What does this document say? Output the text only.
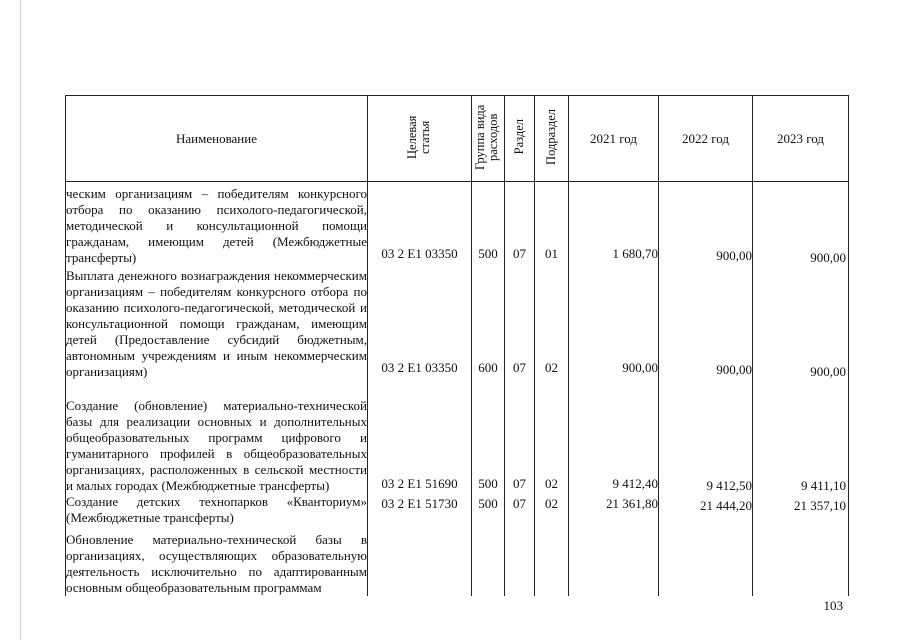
Наименование	Целевая статья	Группа вида расходов	Раздел	Подраздел	2021 год	2022 год	2023 год
ческим организациям – победителям конкурсного отбора по оказанию психолого-педагогической, методической и консультационной помощи гражданам, имеющим детей (Межбюджетные трансферты)	03 2 E1 03350	500	07	01	1 680,70	900,00	900,00
Выплата денежного вознаграждения некоммерческим организациям – победителям конкурсного отбора по оказанию психолого-педагогической, методической и консультационной помощи гражданам, имеющим детей (Предоставление субсидий бюджетным, автономным учреждениям и иным некоммерческим организациям)	03 2 E1 03350	600	07	02	900,00	900,00	900,00
Создание (обновление) материально-технической базы для реализации основных и дополнительных общеобразовательных программ цифрового и гуманитарного профилей в общеобразовательных организациях, расположенных в сельской местности и малых городах (Межбюджетные трансферты)	03 2 E1 51690	500	07	02	9 412,40	9 412,50	9 411,10
Создание детских технопарков «Кванториум» (Межбюджетные трансферты)	03 2 E1 51730	500	07	02	21 361,80	21 444,20	21 357,10
Обновление материально-технической базы в организациях, осуществляющих образовательную деятельность исключительно по адаптированным основным общеобразовательным программам							
103
